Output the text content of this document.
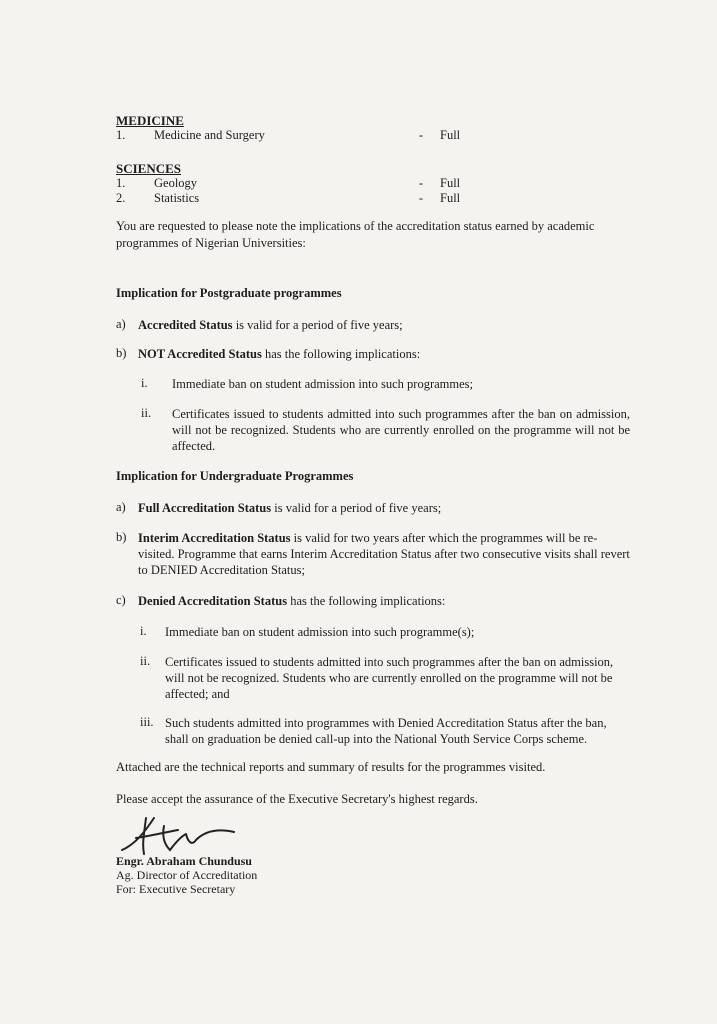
MEDICINE
1. Medicine and Surgery	- Full
SCIENCES
1. Geology	- Full
2. Statistics	- Full
You are requested to please note the implications of the accreditation status earned by academic programmes of Nigerian Universities:
Implication for Postgraduate programmes
a) Accredited Status is valid for a period of five years;
b) NOT Accredited Status has the following implications:
i. Immediate ban on student admission into such programmes;
ii. Certificates issued to students admitted into such programmes after the ban on admission, will not be recognized. Students who are currently enrolled on the programme will not be affected.
Implication for Undergraduate Programmes
a) Full Accreditation Status is valid for a period of five years;
b) Interim Accreditation Status is valid for two years after which the programmes will be re-visited. Programme that earns Interim Accreditation Status after two consecutive visits shall revert to DENIED Accreditation Status;
c) Denied Accreditation Status has the following implications:
i. Immediate ban on student admission into such programme(s);
ii. Certificates issued to students admitted into such programmes after the ban on admission, will not be recognized. Students who are currently enrolled on the programme will not be affected; and
iii. Such students admitted into programmes with Denied Accreditation Status after the ban, shall on graduation be denied call-up into the National Youth Service Corps scheme.
Attached are the technical reports and summary of results for the programmes visited.
Please accept the assurance of the Executive Secretary's highest regards.
Engr. Abraham Chundusu
Ag. Director of Accreditation
For: Executive Secretary
